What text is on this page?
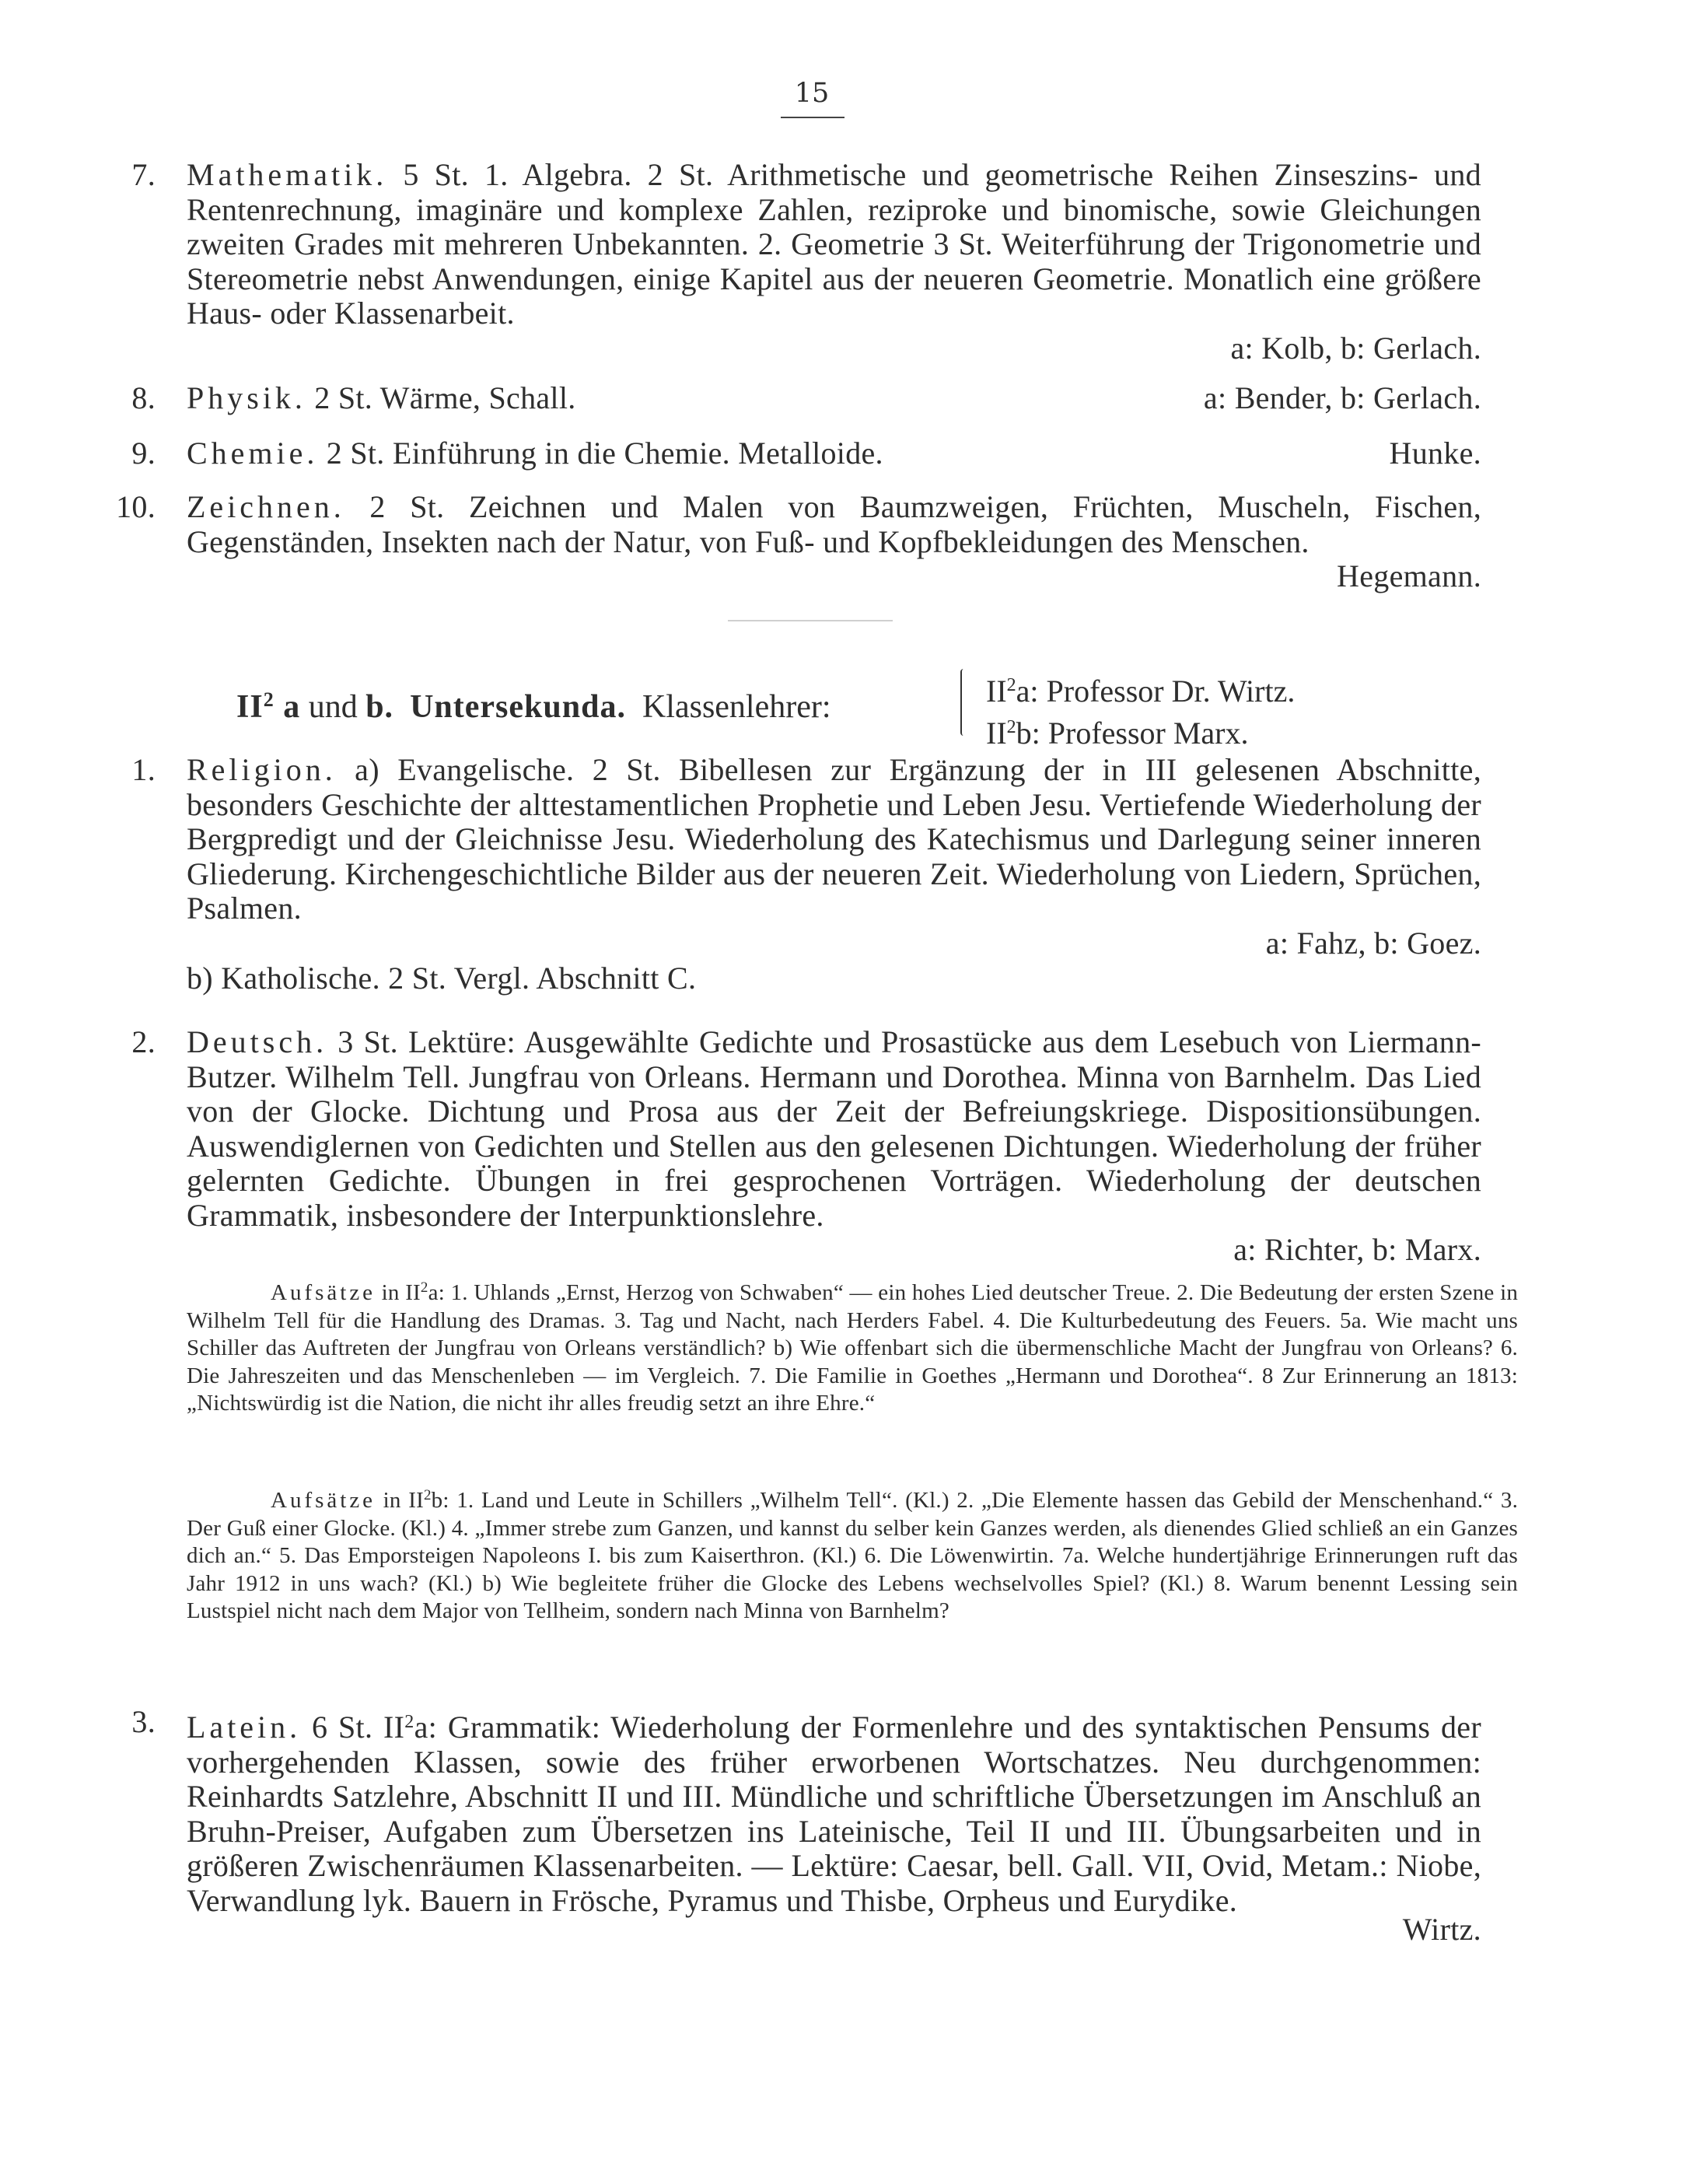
15
7. Mathematik. 5 St. 1. Algebra. 2 St. Arithmetische und geometrische Reihen Zinseszins- und Rentenrechnung, imaginäre und komplexe Zahlen, reziproke und binomische, sowie Gleichungen zweiten Grades mit mehreren Unbekannten. 2. Geometrie 3 St. Weiterführung der Trigonometrie und Stereometrie nebst Anwendungen, einige Kapitel aus der neueren Geometrie. Monatlich eine größere Haus- oder Klassenarbeit.
a: Kolb, b: Gerlach.
8. Physik. 2 St. Wärme, Schall.	a: Bender, b: Gerlach.
9. Chemie. 2 St. Einführung in die Chemie. Metalloide.	Hunke.
10. Zeichnen. 2 St. Zeichnen und Malen von Baumzweigen, Früchten, Muscheln, Fischen, Gegenständen, Insekten nach der Natur, von Fuß- und Kopfbekleidungen des Menschen.
Hegemann.
$II^2$ a und b. Untersekunda. Klassenlehrer:	$II^2a$: Professor Dr. Wirtz.
$II^2b$: Professor Marx.
1. Religion. a) Evangelische. 2 St. Bibellesen zur Ergänzung der in III gelesenen Abschnitte, besonders Geschichte der alttestamentlichen Prophetie und Leben Jesu. Vertiefende Wiederholung der Bergpredigt und der Gleichnisse Jesu. Wiederholung des Katechismus und Darlegung seiner inneren Gliederung. Kirchengeschichtliche Bilder aus der neueren Zeit. Wiederholung von Liedern, Sprüchen, Psalmen.
a: Fahz, b: Goez.
b) Katholische. 2 St. Vergl. Abschnitt C.
2. Deutsch. 3 St. Lektüre: Ausgewählte Gedichte und Prosastücke aus dem Lesebuch von Liermann-Butzer. Wilhelm Tell. Jungfrau von Orleans. Hermann und Dorothea. Minna von Barnhelm. Das Lied von der Glocke. Dichtung und Prosa aus der Zeit der Befreiungskriege. Dispositionsübungen. Auswendiglernen von Gedichten und Stellen aus den gelesenen Dichtungen. Wiederholung der früher gelernten Gedichte. Übungen in frei gesprochenen Vorträgen. Wiederholung der deutschen Grammatik, insbesondere der Interpunktionslehre.
a: Richter, b: Marx.
Aufsätze in $II^2a$: 1. Uhlands „Ernst, Herzog von Schwaben“ — ein hohes Lied deutscher Treue. 2. Die Bedeutung der ersten Szene in Wilhelm Tell für die Handlung des Dramas. 3. Tag und Nacht, nach Herders Fabel. 4. Die Kulturbedeutung des Feuers. 5a. Wie macht uns Schiller das Auftreten der Jungfrau von Orleans verständlich? b) Wie offenbart sich die übermenschliche Macht der Jungfrau von Orleans? 6. Die Jahreszeiten und das Menschenleben — im Vergleich. 7. Die Familie in Goethes „Hermann und Dorothea“. 8 Zur Erinnerung an 1813: „Nichtswürdig ist die Nation, die nicht ihr alles freudig setzt an ihre Ehre.“
Aufsätze in $II^2b$: 1. Land und Leute in Schillers „Wilhelm Tell“. (Kl.) 2. „Die Elemente hassen das Gebild der Menschenhand.“ 3. Der Guß einer Glocke. (Kl.) 4. „Immer strebe zum Ganzen, und kannst du selber kein Ganzes werden, als dienendes Glied schließ an ein Ganzes dich an.“ 5. Das Emporsteigen Napoleons I. bis zum Kaiserthron. (Kl.) 6. Die Löwenwirtin. 7a. Welche hundertjährige Erinnerungen ruft das Jahr 1912 in uns wach? (Kl.) b) Wie begleitete früher die Glocke des Lebens wechselvolles Spiel? (Kl.) 8. Warum benennt Lessing sein Lustspiel nicht nach dem Major von Tellheim, sondern nach Minna von Barnhelm?
3. Latein. 6 St. $II^2a$: Grammatik: Wiederholung der Formenlehre und des syntaktischen Pensums der vorhergehenden Klassen, sowie des früher erworbenen Wortschatzes. Neu durchgenommen: Reinhardts Satzlehre, Abschnitt II und III. Mündliche und schriftliche Übersetzungen im Anschluß an Bruhn-Preiser, Aufgaben zum Übersetzen ins Lateinische, Teil II und III. Übungsarbeiten und in größeren Zwischenräumen Klassenarbeiten. — Lektüre: Caesar, bell. Gall. VII, Ovid, Metam.: Niobe, Verwandlung lyk. Bauern in Frösche, Pyramus und Thisbe, Orpheus und Eurydike.
Wirtz.
